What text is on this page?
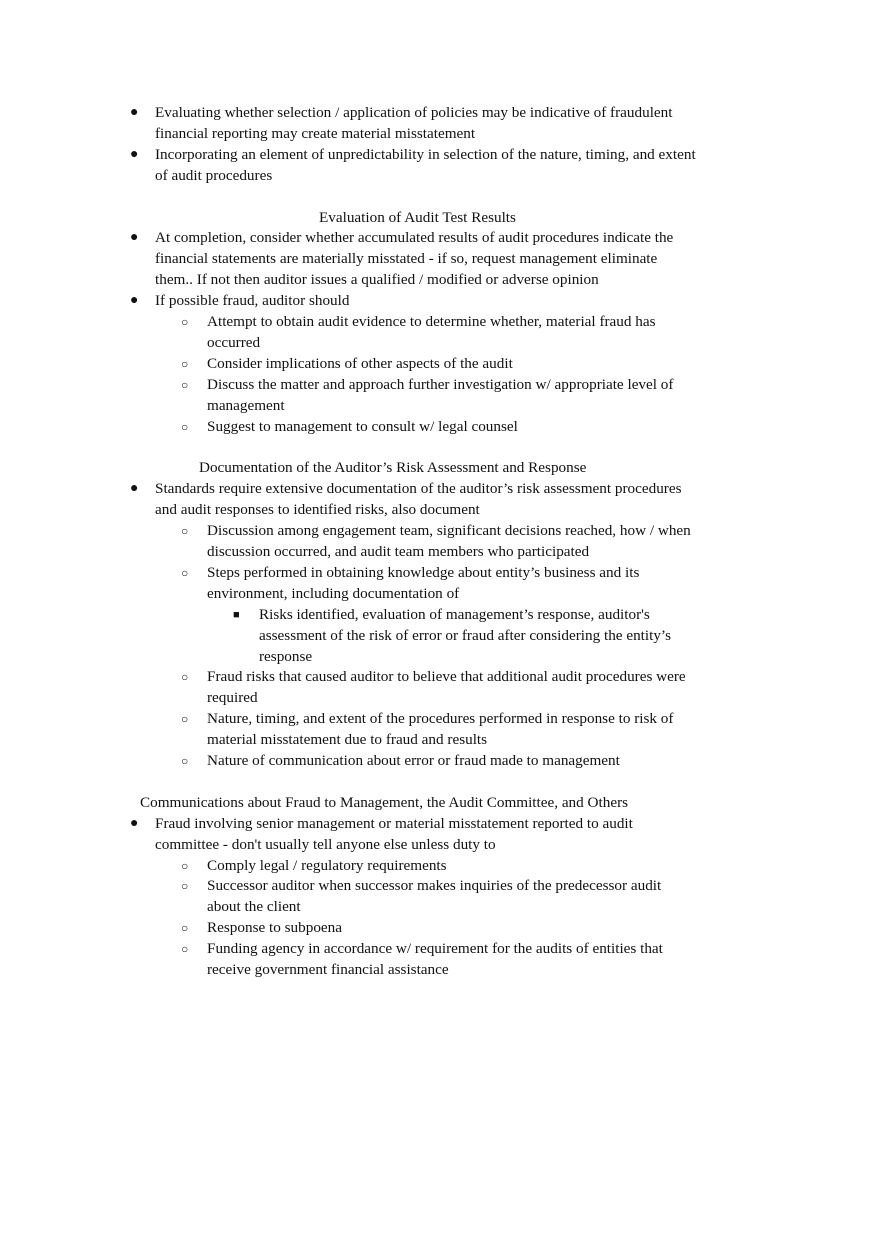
● Evaluating whether selection / application of policies may be indicative of fraudulent
financial reporting may create material misstatement
● Incorporating an element of unpredictability in selection of the nature, timing, and extent
of audit procedures
Evaluation of Audit Test Results
● At completion, consider whether accumulated results of audit procedures indicate the
financial statements are materially misstated - if so, request management eliminate
them.. If not then auditor issues a qualified / modified or adverse opinion
● If possible fraud, auditor should
○ Attempt to obtain audit evidence to determine whether, material fraud has
occurred
○ Consider implications of other aspects of the audit
○ Discuss the matter and approach further investigation w/ appropriate level of
management
○ Suggest to management to consult w/ legal counsel
Documentation of the Auditor’s Risk Assessment and Response
● Standards require extensive documentation of the auditor’s risk assessment procedures
and audit responses to identified risks, also document
○ Discussion among engagement team, significant decisions reached, how / when
discussion occurred, and audit team members who participated
○ Steps performed in obtaining knowledge about entity’s business and its
environment, including documentation of
■ Risks identified, evaluation of management’s response, auditor's
assessment of the risk of error or fraud after considering the entity’s
response
○ Fraud risks that caused auditor to believe that additional audit procedures were
required
○ Nature, timing, and extent of the procedures performed in response to risk of
material misstatement due to fraud and results
○ Nature of communication about error or fraud made to management
Communications about Fraud to Management, the Audit Committee, and Others
● Fraud involving senior management or material misstatement reported to audit
committee - don't usually tell anyone else unless duty to
○ Comply legal / regulatory requirements
○ Successor auditor when successor makes inquiries of the predecessor audit
about the client
○ Response to subpoena
○ Funding agency in accordance w/ requirement for the audits of entities that
receive government financial assistance
